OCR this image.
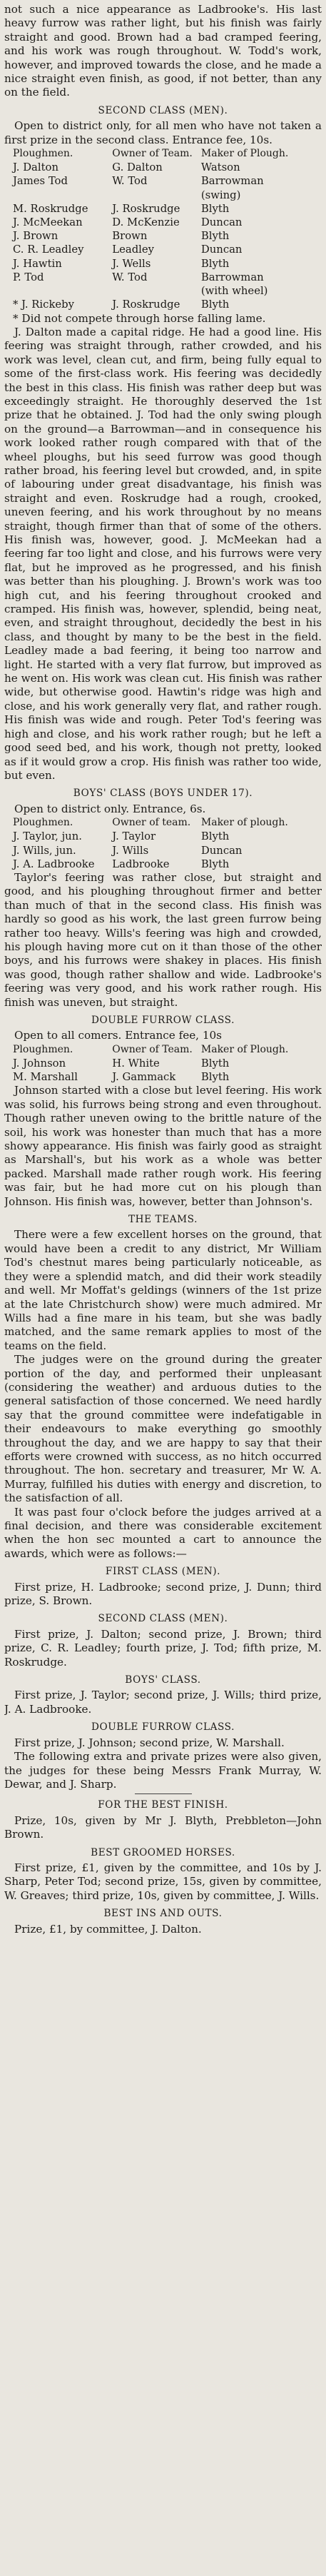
not such a nice appearance as Ladbrooke's. His last heavy furrow was rather light, but his finish was fairly straight and good. Brown had a bad cramped feering, and his work was rough throughout. W. Todd's work, however, and improved towards the close, and he made a nice straight even finish, as good, if not better, than any on the field.

SECOND CLASS (MEN).

Open to district only, for all men who have not taken a first prize in the second class. Entrance fee, 10s.

Ploughmen.	Owner of Team.	Maker of Plough.
J. Dalton	G. Dalton	Watson
James Tod	W. Tod	Barrowman
		(swing)
M. Roskrudge	J. Roskrudge	Blyth
J. McMeekan	D. McKenzie	Duncan
J. Brown	Brown	Blyth
C. R. Leadley	Leadley	Duncan
J. Hawtin	J. Wells	Blyth
P. Tod	W. Tod	Barrowman
		(with wheel)
* J. Rickeby	J. Roskrudge	Blyth
* Did not compete through horse falling lame.

J. Dalton made a capital ridge. He had a good line. His feering was straight through, rather crowded, and his work was level, clean cut, and firm, being fully equal to some of the first-class work. His feering was decidedly the best in this class. His finish was rather deep but was exceedingly straight. He thoroughly deserved the 1st prize that he obtained. J. Tod had the only swing plough on the ground—a Barrowman—and in consequence his work looked rather rough compared with that of the wheel ploughs, but his seed furrow was good though rather broad, his feering level but crowded, and, in spite of labouring under great disadvantage, his finish was straight and even. Roskrudge had a rough, crooked, uneven feering, and his work throughout by no means straight, though firmer than that of some of the others. His finish was, however, good. J. McMeekan had a feering far too light and close, and his furrows were very flat, but he improved as he progressed, and his finish was better than his ploughing. J. Brown's work was too high cut, and his feering throughout crooked and cramped. His finish was, however, splendid, being neat, even, and straight throughout, decidedly the best in his class, and thought by many to be the best in the field. Leadley made a bad feering, it being too narrow and light. He started with a very flat furrow, but improved as he went on. His work was clean cut. His finish was rather wide, but otherwise good. Hawtin's ridge was high and close, and his work generally very flat, and rather rough. His finish was wide and rough. Peter Tod's feering was high and close, and his work rather rough; but he left a good seed bed, and his work, though not pretty, looked as if it would grow a crop. His finish was rather too wide, but even.

BOYS' CLASS (BOYS UNDER 17).

Open to district only. Entrance, 6s.

Ploughmen.	Owner of team.	Maker of plough.
J. Taylor, jun.	J. Taylor	Blyth
J. Wills, jun.	J. Wills	Duncan
J. A. Ladbrooke	Ladbrooke	Blyth

Taylor's feering was rather close, but straight and good, and his ploughing throughout firmer and better than much of that in the second class. His finish was hardly so good as his work, the last green furrow being rather too heavy. Wills's feering was high and crowded, his plough having more cut on it than those of the other boys, and his furrows were shakey in places. His finish was good, though rather shallow and wide. Ladbrooke's feering was very good, and his work rather rough. His finish was uneven, but straight.

DOUBLE FURROW CLASS.

Open to all comers. Entrance fee, 10s

Ploughmen.	Owner of Team.	Maker of Plough.
J. Johnson	H. White	Blyth
M. Marshall	J. Gammack	Blyth

Johnson started with a close but level feering. His work was solid, his furrows being strong and even throughout. Though rather uneven owing to the brittle nature of the soil, his work was honester than much that has a more showy appearance. His finish was fairly good as straight as Marshall's, but his work as a whole was better packed. Marshall made rather rough work. His feering was fair, but he had more cut on his plough than Johnson. His finish was, however, better than Johnson's.

THE TEAMS.

There were a few excellent horses on the ground, that would have been a credit to any district, Mr William Tod's chestnut mares being particularly noticeable, as they were a splendid match, and did their work steadily and well. Mr Moffat's geldings (winners of the 1st prize at the late Christchurch show) were much admired. Mr Wills had a fine mare in his team, but she was badly matched, and the same remark applies to most of the teams on the field.

The judges were on the ground during the greater portion of the day, and performed their unpleasant (considering the weather) and arduous duties to the general satisfaction of those concerned. We need hardly say that the ground committee were indefatigable in their endeavours to make everything go smoothly throughout the day, and we are happy to say that their efforts were crowned with success, as no hitch occurred throughout. The hon. secretary and treasurer, Mr W. A. Murray, fulfilled his duties with energy and discretion, to the satisfaction of all.

It was past four o'clock before the judges arrived at a final decision, and there was considerable excitement when the hon sec mounted a cart to announce the awards, which were as follows:—

FIRST CLASS (MEN).

First prize, H. Ladbrooke; second prize, J. Dunn; third prize, S. Brown.

SECOND CLASS (MEN).

First prize, J. Dalton; second prize, J. Brown; third prize, C. R. Leadley; fourth prize, J. Tod; fifth prize, M. Roskrudge.

BOYS' CLASS.

First prize, J. Taylor; second prize, J. Wills; third prize, J. A. Ladbrooke.

DOUBLE FURROW CLASS.

First prize, J. Johnson; second prize, W. Marshall.

The following extra and private prizes were also given, the judges for these being Messrs Frank Murray, W. Dewar, and J. Sharp.

FOR THE BEST FINISH.

Prize, 10s, given by Mr J. Blyth, Prebbleton—John Brown.

BEST GROOMED HORSES.

First prize, £1, given by the committee, and 10s by J. Sharp, Peter Tod; second prize, 15s, given by committee, W. Greaves; third prize, 10s, given by committee, J. Wills.

BEST INS AND OUTS.

Prize, £1, by committee, J. Dalton.
